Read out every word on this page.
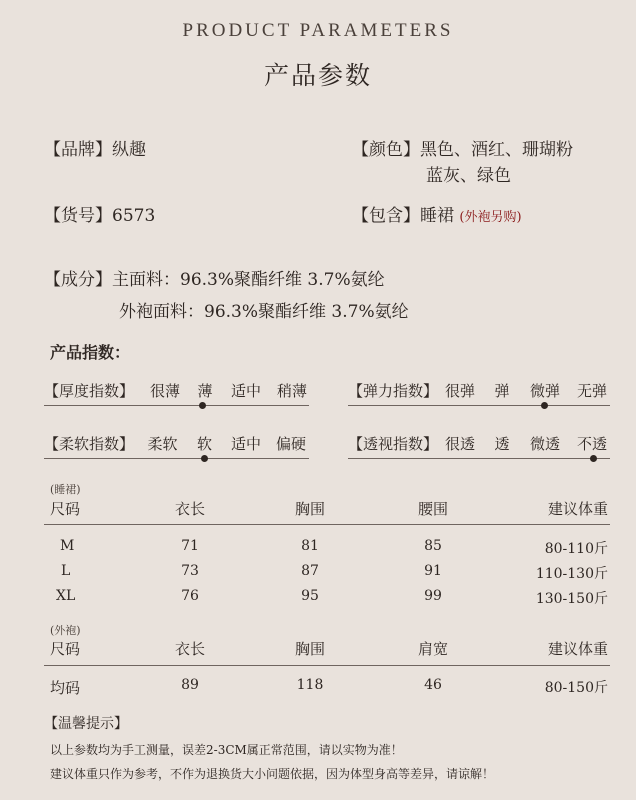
PRODUCT PARAMETERS
产品参数
【品牌】纵趣	【颜色】黑色、酒红、珊瑚粉
蓝灰、绿色
【货号】6573	【包含】睡裙 (外袍另购)
【成分】主面料：96.3%聚酯纤维 3.7%氨纶
外袍面料：96.3%聚酯纤维 3.7%氨纶
产品指数：
【厚度指数】	很薄	薄	适中	稍薄	【弹力指数】 很弹	弹	微弹	无弹
【柔软指数】 柔软	软	适中 偏硬	【透视指数】 很透	透	微透	不透
(睡裙)
尺码	衣长	胸围	腰围	建议体重
M	71	81	85	80-110斤
L	73	87	91	110-130斤
XL	76	95	99	130-150斤
(外袍)
尺码	衣长	胸围	肩宽	建议体重
均码	89	118	46	80-150斤
【温馨提示】
以上参数均为手工测量，误差2-3CM属正常范围，请以实物为准！
建议体重只作为参考，不作为退换货大小问题依据，因为体型身高等差异，请谅解！
